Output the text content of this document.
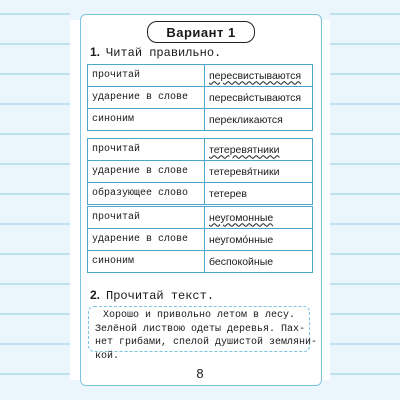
Вариант 1
1. Читай правильно.
прочитай	пересвистываются
ударение в слове	пересви́стываются
синоним	перекликаются
прочитай	тетеревятники
ударение в слове	тетеревя́тники
образующее слово	тетерев
прочитай	неугомонные
ударение в слове	неугомо́нные
синоним	беспокойные
2. Прочитай текст.
Хорошо и привольно летом в лесу.
Зелёной листвою одеты деревья. Пах-
нет грибами, спелой душистой земляни-
кой.
8
